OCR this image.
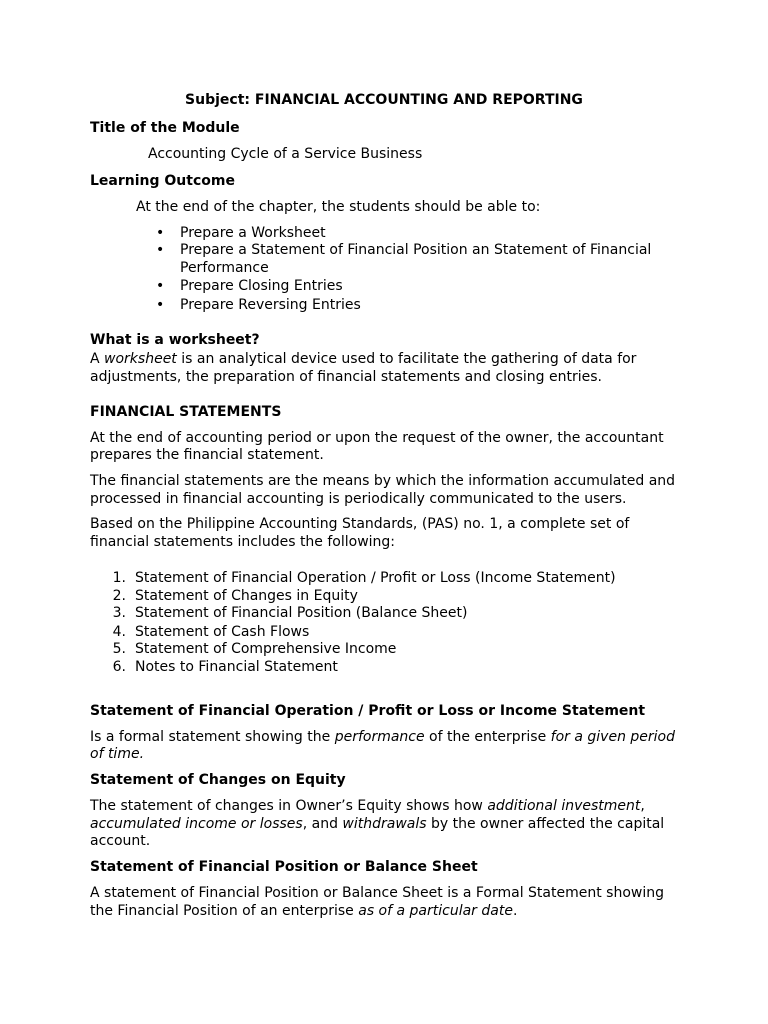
Subject: FINANCIAL ACCOUNTING AND REPORTING
Title of the Module
Accounting Cycle of a Service Business
Learning Outcome
At the end of the chapter, the students should be able to:
• Prepare a Worksheet
• Prepare a Statement of Financial Position an Statement of Financial
Performance
• Prepare Closing Entries
• Prepare Reversing Entries
What is a worksheet?
A worksheet is an analytical device used to facilitate the gathering of data for
adjustments, the preparation of financial statements and closing entries.
FINANCIAL STATEMENTS
At the end of accounting period or upon the request of the owner, the accountant
prepares the financial statement.
The financial statements are the means by which the information accumulated and
processed in financial accounting is periodically communicated to the users.
Based on the Philippine Accounting Standards, (PAS) no. 1, a complete set of
financial statements includes the following:
1. Statement of Financial Operation / Profit or Loss (Income Statement)
2. Statement of Changes in Equity
3. Statement of Financial Position (Balance Sheet)
4. Statement of Cash Flows
5. Statement of Comprehensive Income
6. Notes to Financial Statement
Statement of Financial Operation / Profit or Loss or Income Statement
Is a formal statement showing the performance of the enterprise for a given period
of time.
Statement of Changes on Equity
The statement of changes in Owner’s Equity shows how additional investment,
accumulated income or losses, and withdrawals by the owner affected the capital
account.
Statement of Financial Position or Balance Sheet
A statement of Financial Position or Balance Sheet is a Formal Statement showing
the Financial Position of an enterprise as of a particular date.
